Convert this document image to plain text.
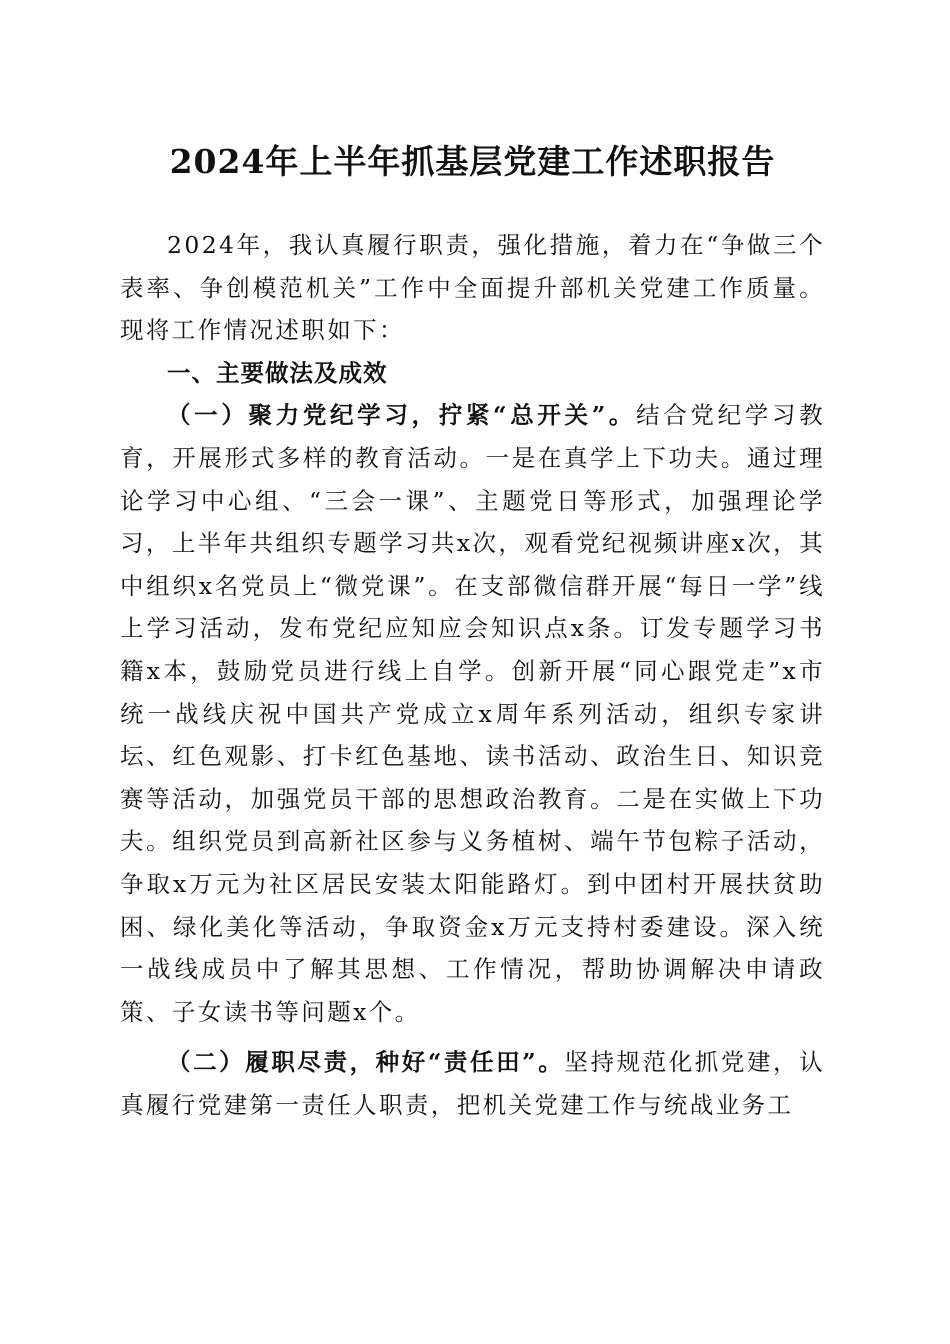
2024年上半年抓基层党建工作述职报告

2024年，我认真履行职责，强化措施，着力在“争做三个表率、争创模范机关”工作中全面提升部机关党建工作质量。现将工作情况述职如下：

一、主要做法及成效

（一）聚力党纪学习，拧紧“总开关”。结合党纪学习教育，开展形式多样的教育活动。一是在真学上下功夫。通过理论学习中心组、“三会一课”、主题党日等形式，加强理论学习，上半年共组织专题学习共x次，观看党纪视频讲座x次，其中组织x名党员上“微党课”。在支部微信群开展“每日一学”线上学习活动，发布党纪应知应会知识点x条。订发专题学习书籍x本，鼓励党员进行线上自学。创新开展“同心跟党走”x市统一战线庆祝中国共产党成立x周年系列活动，组织专家讲坛、红色观影、打卡红色基地、读书活动、政治生日、知识竞赛等活动，加强党员干部的思想政治教育。二是在实做上下功夫。组织党员到高新社区参与义务植树、端午节包粽子活动，争取x万元为社区居民安装太阳能路灯。到中团村开展扶贫助困、绿化美化等活动，争取资金x万元支持村委建设。深入统一战线成员中了解其思想、工作情况，帮助协调解决申请政策、子女读书等问题x个。

（二）履职尽责，种好“责任田”。坚持规范化抓党建，认真履行党建第一责任人职责，把机关党建工作与统战业务工
